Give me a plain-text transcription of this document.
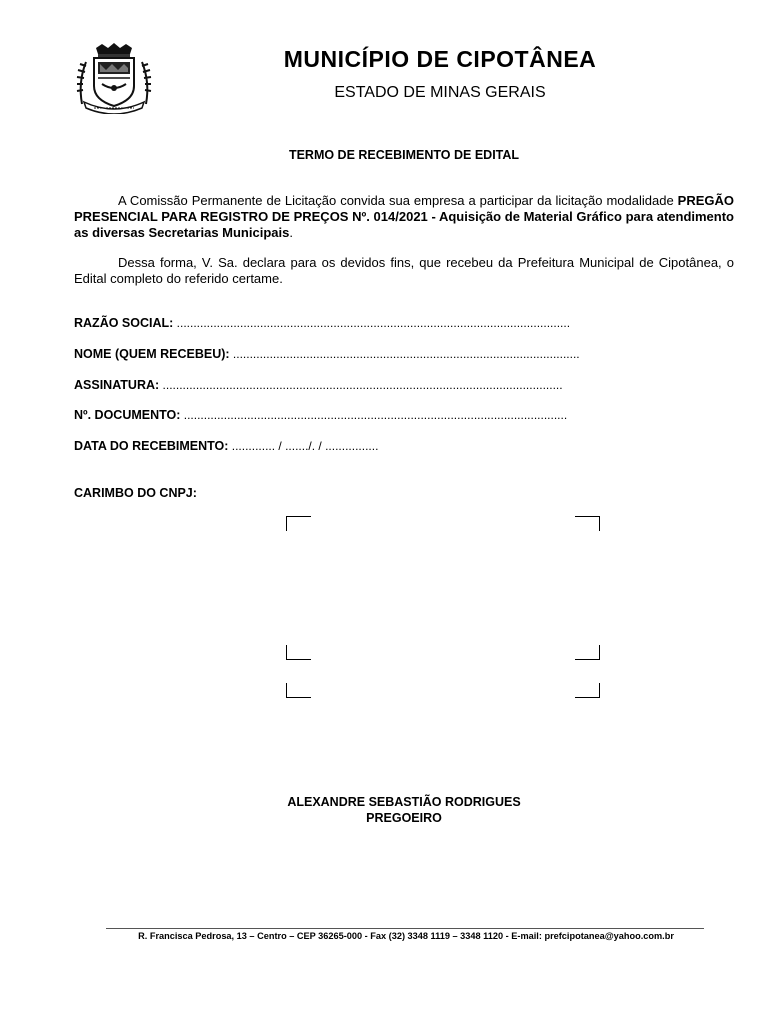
MUNICÍPIO DE CIPOTÂNEA
ESTADO DE MINAS GERAIS
TERMO DE RECEBIMENTO DE EDITAL
A Comissão Permanente de Licitação convida sua empresa a participar da licitação modalidade PREGÃO PRESENCIAL PARA REGISTRO DE PREÇOS Nº. 014/2021 - Aquisição de Material Gráfico para atendimento as diversas Secretarias Municipais.
Dessa forma, V. Sa. declara para os devidos fins, que recebeu da Prefeitura Municipal de Cipotânea, o Edital completo do referido certame.
RAZÃO SOCIAL: ......................................................................................................................
NOME (QUEM RECEBEU): ........................................................................................................
ASSINATURA: ........................................................................................................................
Nº. DOCUMENTO: ...................................................................................................................
DATA DO RECEBIMENTO: ............. / ......./. / ................
CARIMBO DO CNPJ:
ALEXANDRE SEBASTIÃO RODRIGUES
PREGOEIRO
R. Francisca Pedrosa, 13 – Centro – CEP 36265-000 - Fax (32) 3348 1119 – 3348 1120 - E-mail: prefcipotanea@yahoo.com.br
